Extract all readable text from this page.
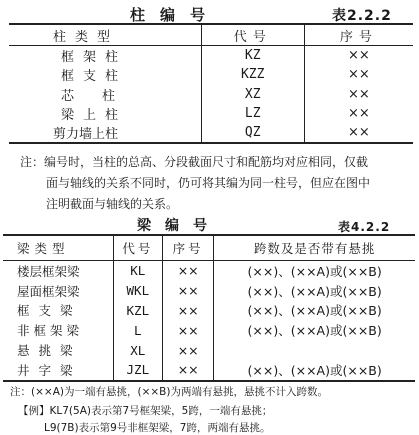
柱编号	表2.2.2
柱类型	代号	序号
框架柱	KZ	××
框支柱	KZZ	××
芯柱	XZ	××
梁上柱	LZ	××
剪力墙上柱	QZ	××
注：编号时，当柱的总高、分段截面尺寸和配筋均对应相同，仅截
面与轴线的关系不同时，仍可将其编为同一柱号，但应在图中
注明截面与轴线的关系。
梁编号	表4.2.2
梁类型	代号	序号	跨数及是否带有悬挑
楼层框架梁	KL	××	(××)、(××A)或(××B)
屋面框架梁	WKL	××	(××)、(××A)或(××B)
框支梁	KZL	××	(××)、(××A)或(××B)
非框架梁	L	××	(××)、(××A)或(××B)
悬挑梁	XL	××	
井字梁	JZL	××	(××)、(××A)或(××B)
注：(××A)为一端有悬挑，(××B)为两端有悬挑，悬挑不计入跨数。
【例】KL7(5A)表示第7号框架梁，5跨，一端有悬挑；
L9(7B)表示第9号非框架梁，7跨，两端有悬挑。
